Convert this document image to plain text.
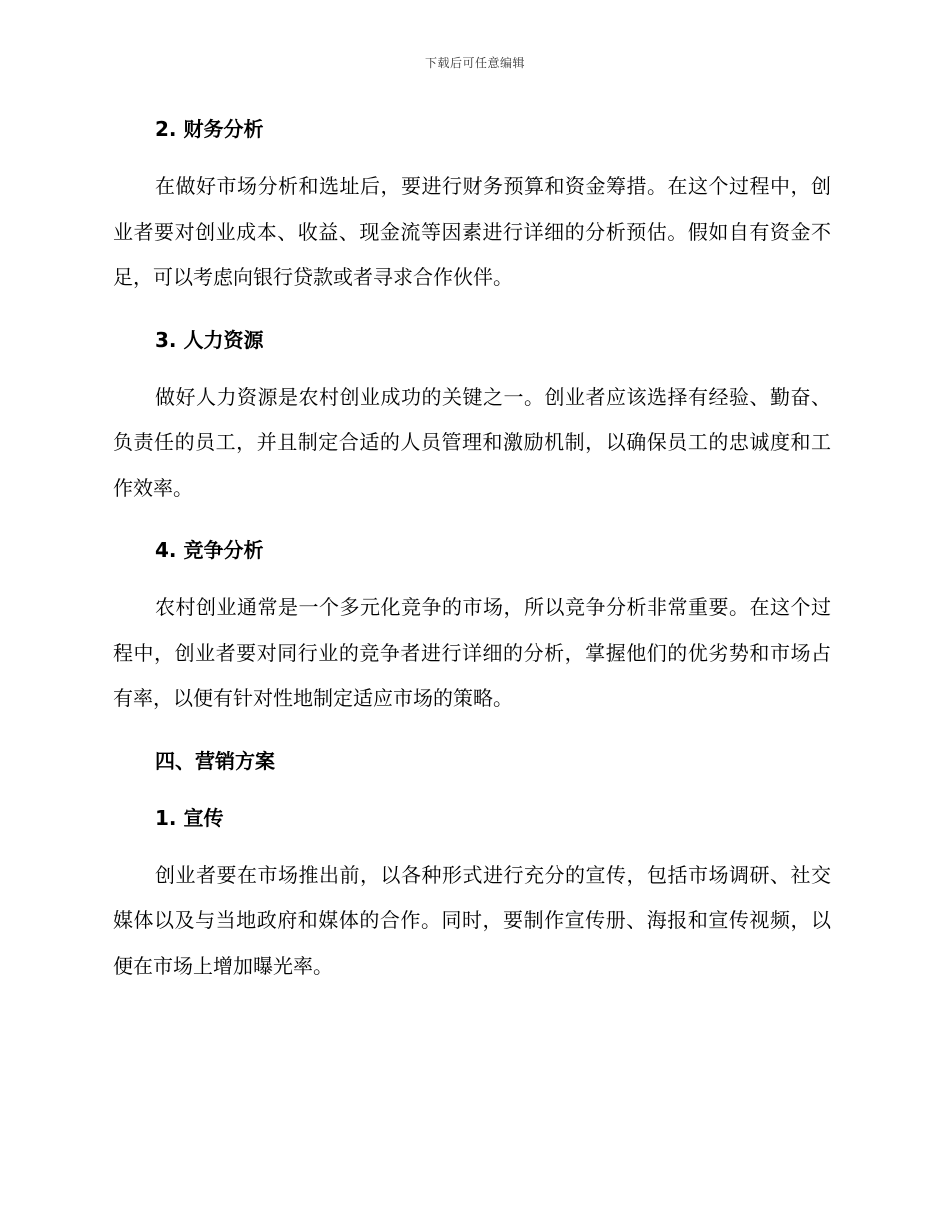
下载后可任意编辑
2. 财务分析

在做好市场分析和选址后，要进行财务预算和资金筹措。在这个过程中，创业者要对创业成本、收益、现金流等因素进行详细的分析预估。假如自有资金不足，可以考虑向银行贷款或者寻求合作伙伴。

3. 人力资源

做好人力资源是农村创业成功的关键之一。创业者应该选择有经验、勤奋、负责任的员工，并且制定合适的人员管理和激励机制，以确保员工的忠诚度和工作效率。

4. 竞争分析

农村创业通常是一个多元化竞争的市场，所以竞争分析非常重要。在这个过程中，创业者要对同行业的竞争者进行详细的分析，掌握他们的优劣势和市场占有率，以便有针对性地制定适应市场的策略。

四、营销方案
1. 宣传

创业者要在市场推出前，以各种形式进行充分的宣传，包括市场调研、社交媒体以及与当地政府和媒体的合作。同时，要制作宣传册、海报和宣传视频，以便在市场上增加曝光率。
